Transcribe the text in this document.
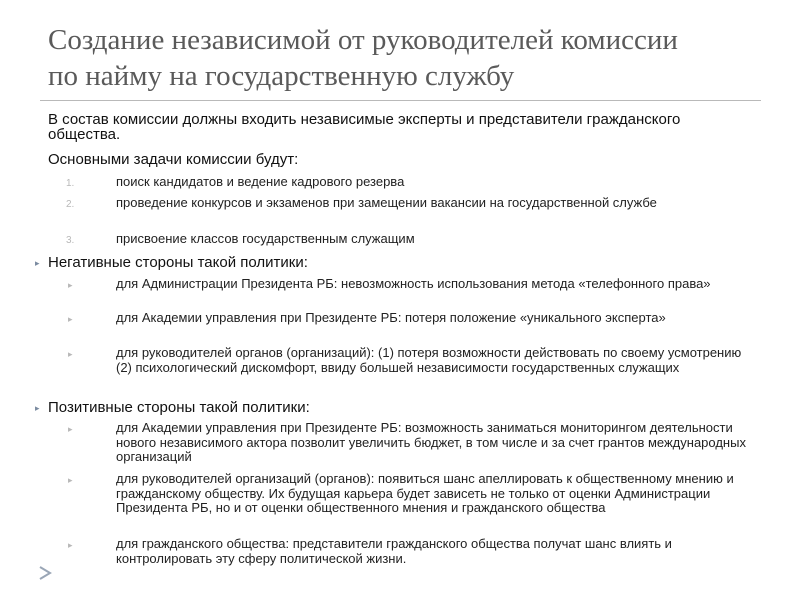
Создание независимой от руководителей комиссии
по найму на государственную службу
В состав комиссии должны входить независимые эксперты и представители гражданского общества.
Основными задачи комиссии будут:
1.	поиск кандидатов и ведение кадрового резерва
2.	проведение конкурсов и экзаменов при замещении вакансии на государственной службе
3.	присвоение классов государственным служащим
▸ Негативные стороны такой политики:
▸	для Администрации Президента РБ: невозможность использования метода «телефонного права»
▸	для Академии управления при Президенте РБ: потеря положение «уникального эксперта»
▸	для руководителей органов (организаций): (1) потеря возможности действовать по своему усмотрению (2) психологический дискомфорт, ввиду большей независимости государственных служащих
▸ Позитивные стороны такой политики:
▸	для Академии управления при Президенте РБ: возможность заниматься мониторингом деятельности нового независимого актора позволит увеличить бюджет, в том числе и за счет грантов международных организаций
▸	для руководителей организаций (органов): появиться шанс апеллировать к общественному мнению и гражданскому обществу. Их будущая карьера будет зависеть не только от оценки Администрации Президента РБ, но и от оценки общественного мнения и гражданского общества
▸	для гражданского общества: представители гражданского общества получат шанс влиять и контролировать эту сферу политической жизни.
